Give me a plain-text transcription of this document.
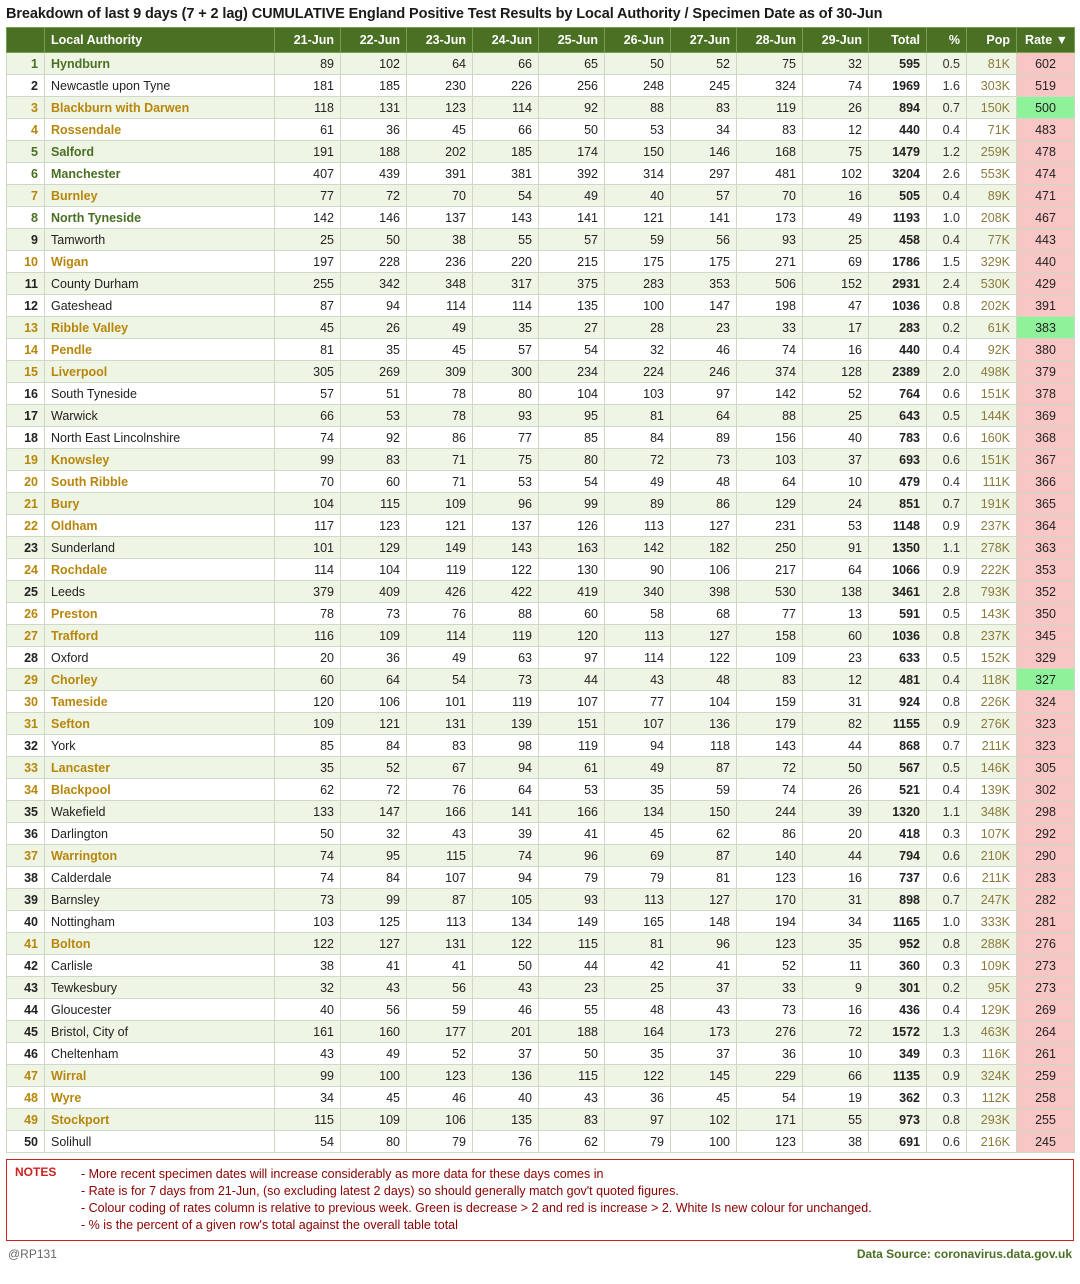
Breakdown of last 9 days (7 + 2 lag) CUMULATIVE England Positive Test Results by Local Authority / Specimen Date as of 30-Jun
	Local Authority	21-Jun	22-Jun	23-Jun	24-Jun	25-Jun	26-Jun	27-Jun	28-Jun	29-Jun	Total	%	Pop	Rate ▼
1	Hyndburn	89	102	64	66	65	50	52	75	32	595	0.5	81K	602
2	Newcastle upon Tyne	181	185	230	226	256	248	245	324	74	1969	1.6	303K	519
3	Blackburn with Darwen	118	131	123	114	92	88	83	119	26	894	0.7	150K	500
4	Rossendale	61	36	45	66	50	53	34	83	12	440	0.4	71K	483
5	Salford	191	188	202	185	174	150	146	168	75	1479	1.2	259K	478
6	Manchester	407	439	391	381	392	314	297	481	102	3204	2.6	553K	474
7	Burnley	77	72	70	54	49	40	57	70	16	505	0.4	89K	471
8	North Tyneside	142	146	137	143	141	121	141	173	49	1193	1.0	208K	467
9	Tamworth	25	50	38	55	57	59	56	93	25	458	0.4	77K	443
10	Wigan	197	228	236	220	215	175	175	271	69	1786	1.5	329K	440
11	County Durham	255	342	348	317	375	283	353	506	152	2931	2.4	530K	429
12	Gateshead	87	94	114	114	135	100	147	198	47	1036	0.8	202K	391
13	Ribble Valley	45	26	49	35	27	28	23	33	17	283	0.2	61K	383
14	Pendle	81	35	45	57	54	32	46	74	16	440	0.4	92K	380
15	Liverpool	305	269	309	300	234	224	246	374	128	2389	2.0	498K	379
16	South Tyneside	57	51	78	80	104	103	97	142	52	764	0.6	151K	378
17	Warwick	66	53	78	93	95	81	64	88	25	643	0.5	144K	369
18	North East Lincolnshire	74	92	86	77	85	84	89	156	40	783	0.6	160K	368
19	Knowsley	99	83	71	75	80	72	73	103	37	693	0.6	151K	367
20	South Ribble	70	60	71	53	54	49	48	64	10	479	0.4	111K	366
21	Bury	104	115	109	96	99	89	86	129	24	851	0.7	191K	365
22	Oldham	117	123	121	137	126	113	127	231	53	1148	0.9	237K	364
23	Sunderland	101	129	149	143	163	142	182	250	91	1350	1.1	278K	363
24	Rochdale	114	104	119	122	130	90	106	217	64	1066	0.9	222K	353
25	Leeds	379	409	426	422	419	340	398	530	138	3461	2.8	793K	352
26	Preston	78	73	76	88	60	58	68	77	13	591	0.5	143K	350
27	Trafford	116	109	114	119	120	113	127	158	60	1036	0.8	237K	345
28	Oxford	20	36	49	63	97	114	122	109	23	633	0.5	152K	329
29	Chorley	60	64	54	73	44	43	48	83	12	481	0.4	118K	327
30	Tameside	120	106	101	119	107	77	104	159	31	924	0.8	226K	324
31	Sefton	109	121	131	139	151	107	136	179	82	1155	0.9	276K	323
32	York	85	84	83	98	119	94	118	143	44	868	0.7	211K	323
33	Lancaster	35	52	67	94	61	49	87	72	50	567	0.5	146K	305
34	Blackpool	62	72	76	64	53	35	59	74	26	521	0.4	139K	302
35	Wakefield	133	147	166	141	166	134	150	244	39	1320	1.1	348K	298
36	Darlington	50	32	43	39	41	45	62	86	20	418	0.3	107K	292
37	Warrington	74	95	115	74	96	69	87	140	44	794	0.6	210K	290
38	Calderdale	74	84	107	94	79	79	81	123	16	737	0.6	211K	283
39	Barnsley	73	99	87	105	93	113	127	170	31	898	0.7	247K	282
40	Nottingham	103	125	113	134	149	165	148	194	34	1165	1.0	333K	281
41	Bolton	122	127	131	122	115	81	96	123	35	952	0.8	288K	276
42	Carlisle	38	41	41	50	44	42	41	52	11	360	0.3	109K	273
43	Tewkesbury	32	43	56	43	23	25	37	33	9	301	0.2	95K	273
44	Gloucester	40	56	59	46	55	48	43	73	16	436	0.4	129K	269
45	Bristol, City of	161	160	177	201	188	164	173	276	72	1572	1.3	463K	264
46	Cheltenham	43	49	52	37	50	35	37	36	10	349	0.3	116K	261
47	Wirral	99	100	123	136	115	122	145	229	66	1135	0.9	324K	259
48	Wyre	34	45	46	40	43	36	45	54	19	362	0.3	112K	258
49	Stockport	115	109	106	135	83	97	102	171	55	973	0.8	293K	255
50	Solihull	54	80	79	76	62	79	100	123	38	691	0.6	216K	245
NOTES	- More recent specimen dates will increase considerably as more data for these days comes in
- Rate is for 7 days from 21-Jun, (so excluding latest 2 days) so should generally match gov't quoted figures.
- Colour coding of rates column is relative to previous week. Green is decrease > 2 and red is increase > 2. White Is new colour for unchanged.
- % is the percent of a given row's total against the overall table total
@RP131	Data Source: coronavirus.data.gov.uk
